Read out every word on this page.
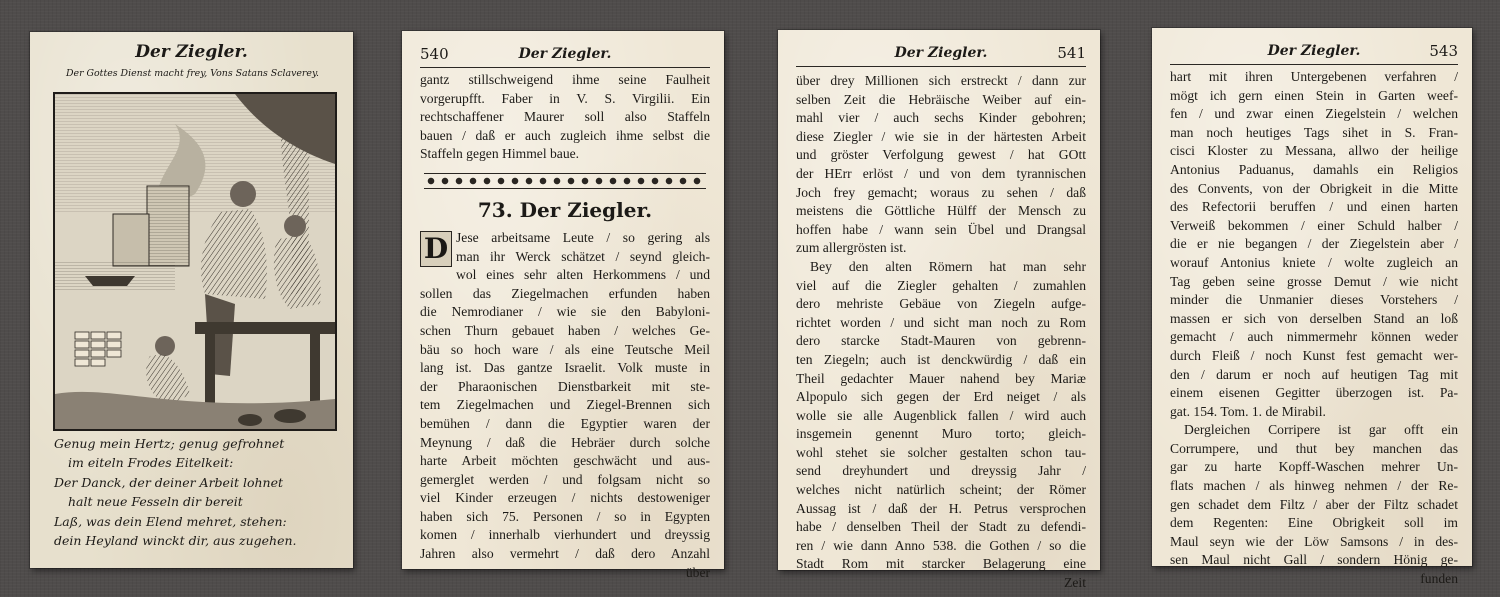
Der Ziegler.
Der Gottes Dienst macht frey, Vons Satans Sclaverey.
Genug mein Hertz; genug gefrohnet
im eiteln Frodes Eitelkeit:
Der Danck, der deiner Arbeit lohnet
halt neue Fesseln dir bereit
Laß, was dein Elend mehret, stehen:
dein Heyland winckt dir, aus zugehen.
540	Der Ziegler.
gantz stillschweigend ihme seine Faulheit
vorgerupfft. Faber in V. S. Virgilii. Ein
rechtschaffener Maurer soll also Staffeln
bauen / daß er auch zugleich ihme selbst die
Staffeln gegen Himmel baue.
73. Der Ziegler.
D Jese arbeitsame Leute / so gering als
man ihr Werck schätzet / seynd gleich-
wol eines sehr alten Herkommens / und
sollen das Ziegelmachen erfunden haben
die Nemrodianer / wie sie den Babyloni-
schen Thurn gebauet haben / welches Ge-
bäu so hoch ware / als eine Teutsche Meil
lang ist. Das gantze Israelit. Volk muste in
der Pharaonischen Dienstbarkeit mit ste-
tem Ziegelmachen und Ziegel-Brennen sich
bemühen / dann die Egyptier waren der
Meynung / daß die Hebräer durch solche
harte Arbeit möchten geschwächt und aus-
gemerglet werden / und folgsam nicht so
viel Kinder erzeugen / nichts destoweniger
haben sich 75. Personen / so in Egypten
komen / innerhalb vierhundert und dreyssig
Jahren also vermehrt / daß dero Anzahl
über
Der Ziegler.	541
über drey Millionen sich erstreckt / dann zur
selben Zeit die Hebräische Weiber auf ein-
mahl vier / auch sechs Kinder gebohren;
diese Ziegler / wie sie in der härtesten Arbeit
und gröster Verfolgung gewest / hat GOtt
der HErr erlöst / und von dem tyrannischen
Joch frey gemacht; woraus zu sehen / daß
meistens die Göttliche Hülff der Mensch zu
hoffen habe / wann sein Übel und Drangsal
zum allergrösten ist.
Bey den alten Römern hat man sehr
viel auf die Ziegler gehalten / zumahlen
dero mehriste Gebäue von Ziegeln aufge-
richtet worden / und sicht man noch zu Rom
dero starcke Stadt-Mauren von gebrenn-
ten Ziegeln; auch ist denckwürdig / daß ein
Theil gedachter Mauer nahend bey Mariæ
Alpopulo sich gegen der Erd neiget / als
wolle sie alle Augenblick fallen / wird auch
insgemein genennt Muro torto; gleich-
wohl stehet sie solcher gestalten schon tau-
send dreyhundert und dreyssig Jahr /
welches nicht natürlich scheint; der Römer
Aussag ist / daß der H. Petrus versprochen
habe / denselben Theil der Stadt zu defendi-
ren / wie dann Anno 538. die Gothen / so die
Stadt Rom mit starcker Belagerung eine
Zeit
Der Ziegler.	543
hart mit ihren Untergebenen verfahren /
mögt ich gern einen Stein in Garten weef-
fen / und zwar einen Ziegelstein / welchen
man noch heutiges Tags sihet in S. Fran-
cisci Kloster zu Messana, allwo der heilige
Antonius Paduanus, damahls ein Religios
des Convents, von der Obrigkeit in die Mitte
des Refectorii beruffen / und einen harten
Verweiß bekommen / einer Schuld halber /
die er nie begangen / der Ziegelstein aber /
worauf Antonius kniete / wolte zugleich an
Tag geben seine grosse Demut / wie nicht
minder die Unmanier dieses Vorstehers /
massen er sich von derselben Stand an loß
gemacht / auch nimmermehr können weder
durch Fleiß / noch Kunst fest gemacht wer-
den / darum er noch auf heutigen Tag mit
einem eisenen Gegitter überzogen ist. Pa-
gat. 154. Tom. 1. de Mirabil.
Dergleichen Corripere ist gar offt ein
Corrumpere, und thut bey manchen das
gar zu harte Kopff-Waschen mehrer Un-
flats machen / als hinweg nehmen / der Re-
gen schadet dem Filtz / aber der Filtz schadet
dem Regenten: Eine Obrigkeit soll im
Maul seyn wie der Löw Samsons / in des-
sen Maul nicht Gall / sondern Hönig ge-
funden
